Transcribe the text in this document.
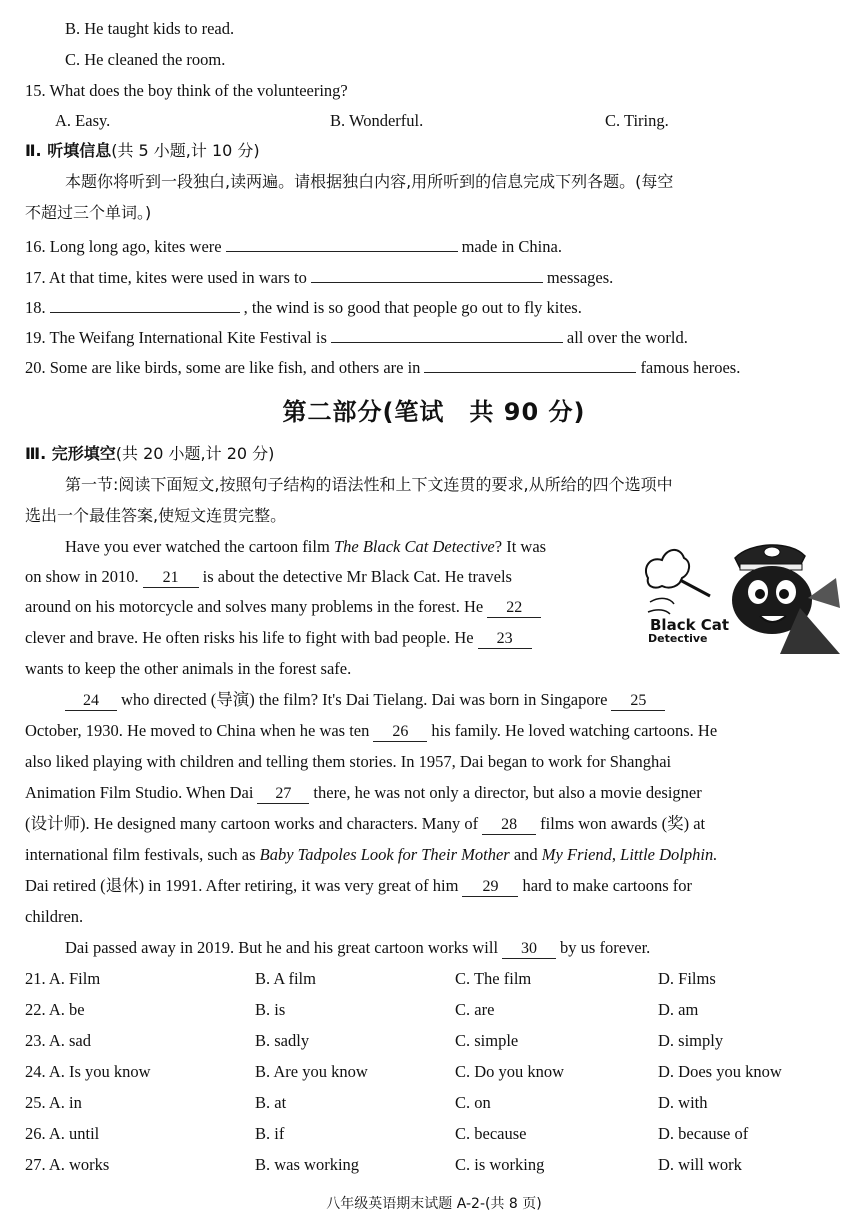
B. He taught kids to read.
C. He cleaned the room.
15. What does the boy think of the volunteering?
A. Easy.	B. Wonderful.	C. Tiring.
Ⅱ. 听填信息(共 5 小题,计 10 分)
本题你将听到一段独白,读两遍。请根据独白内容,用所听到的信息完成下列各题。(每空
不超过三个单词。)
16. Long long ago, kites were	made in China.
17. At that time, kites were used in wars to	messages.
18.	, the wind is so good that people go out to fly kites.
19. The Weifang International Kite Festival is	all over the world.
20. Some are like birds, some are like fish, and others are in	famous heroes.
第二部分(笔试　共 90 分)
Ⅲ. 完形填空(共 20 小题,计 20 分)
第一节:阅读下面短文,按照句子结构的语法性和上下文连贯的要求,从所给的四个选项中
选出一个最佳答案,使短文连贯完整。
Black Cat
Detective
Have you ever watched the cartoon film The Black Cat Detective? It was
on show in 2010. 21 is about the detective Mr Black Cat. He travels
around on his motorcycle and solves many problems in the forest. He 22
clever and brave. He often risks his life to fight with bad people. He 23
wants to keep the other animals in the forest safe.
24 who directed (导演) the film? It's Dai Tielang. Dai was born in Singapore 25
October, 1930. He moved to China when he was ten 26 his family. He loved watching cartoons. He
also liked playing with children and telling them stories. In 1957, Dai began to work for Shanghai
Animation Film Studio. When Dai 27 there, he was not only a director, but also a movie designer
(设计师). He designed many cartoon works and characters. Many of 28 films won awards (奖) at
international film festivals, such as Baby Tadpoles Look for Their Mother and My Friend, Little Dolphin.
Dai retired (退休) in 1991. After retiring, it was very great of him 29 hard to make cartoons for
children.
Dai passed away in 2019. But he and his great cartoon works will 30 by us forever.
21. A. Film	B. A film	C. The film	D. Films
22. A. be	B. is	C. are	D. am
23. A. sad	B. sadly	C. simple	D. simply
24. A. Is you know	B. Are you know	C. Do you know	D. Does you know
25. A. in	B. at	C. on	D. with
26. A. until	B. if	C. because	D. because of
27. A. works	B. was working	C. is working	D. will work
八年级英语期末试题 A-2-(共 8 页)
